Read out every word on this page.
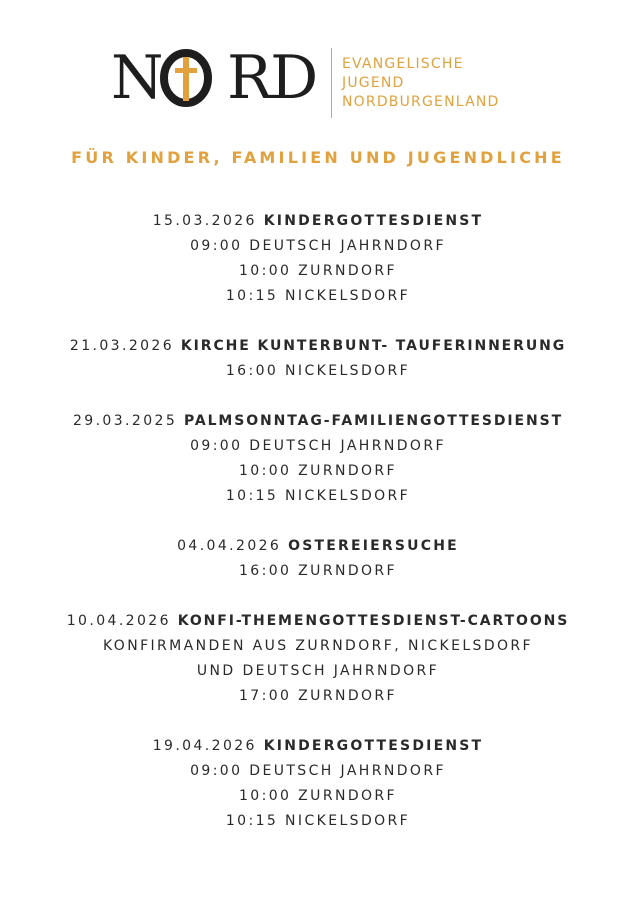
N RD EVANGELISCHE
JUGEND
NORDBURGENLAND
FÜR KINDER, FAMILIEN UND JUGENDLICHE
15.03.2026 KINDERGOTTESDIENST
09:00 DEUTSCH JAHRNDORF
10:00 ZURNDORF
10:15 NICKELSDORF
21.03.2026 KIRCHE KUNTERBUNT- TAUFERINNERUNG
16:00 NICKELSDORF
29.03.2025 PALMSONNTAG-FAMILIENGOTTESDIENST
09:00 DEUTSCH JAHRNDORF
10:00 ZURNDORF
10:15 NICKELSDORF
04.04.2026 OSTEREIERSUCHE
16:00 ZURNDORF
10.04.2026 KONFI-THEMENGOTTESDIENST-CARTOONS
KONFIRMANDEN AUS ZURNDORF, NICKELSDORF
UND DEUTSCH JAHRNDORF
17:00 ZURNDORF
19.04.2026 KINDERGOTTESDIENST
09:00 DEUTSCH JAHRNDORF
10:00 ZURNDORF
10:15 NICKELSDORF
